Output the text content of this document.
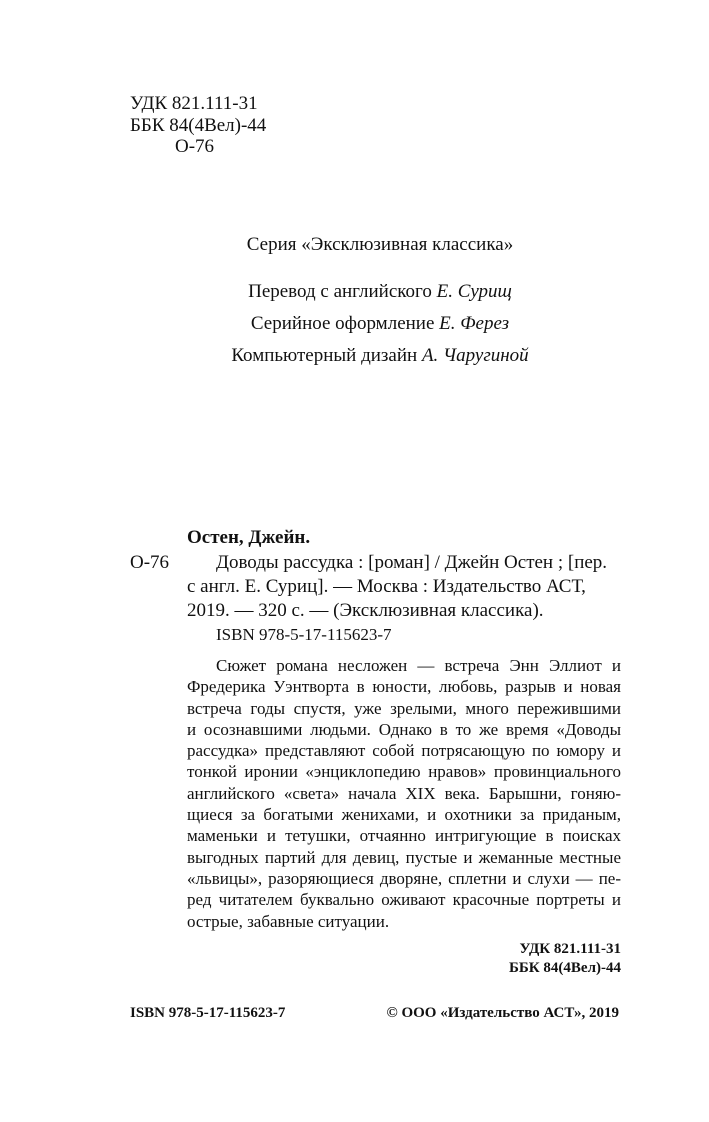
УДК 821.111-31

ББК 84(4Вел)-44

О-76

Серия «Эксклюзивная классика»

Перевод с английского Е. Сурищ

Серийное оформление Е. Ферез

Компьютерный дизайн А. Чаругиной

Остен, Джейн.

О-76 Доводы рассудка : [роман] / Джейн Остен ; [пер.

с англ. Е. Суриц]. — Москва : Издательство АСТ,

2019. — 320 с. — (Эксклюзивная классика).

ISBN 978-5-17-115623-7

Сюжет романа несложен — встреча Энн Эллиот и

Фредерика Уэнтворта в юности, любовь, разрыв и новая

встреча годы спустя, уже зрелыми, много пережившими

и осознавшими людьми. Однако в то же время «Доводы

рассудка» представляют собой потрясающую по юмору и

тонкой иронии «энциклопедию нравов» провинциального

английского «света» начала XIX века. Барышни, гоняю-

щиеся за богатыми женихами, и охотники за приданым,

маменьки и тетушки, отчаянно интригующие в поисках

выгодных партий для девиц, пустые и жеманные местные

«львицы», разоряющиеся дворяне, сплетни и слухи — пе-

ред читателем буквально оживают красочные портреты и

острые, забавные ситуации.

УДК 821.111-31

ББК 84(4Вел)-44

ISBN 978-5-17-115623-7	© ООО «Издательство АСТ», 2019
